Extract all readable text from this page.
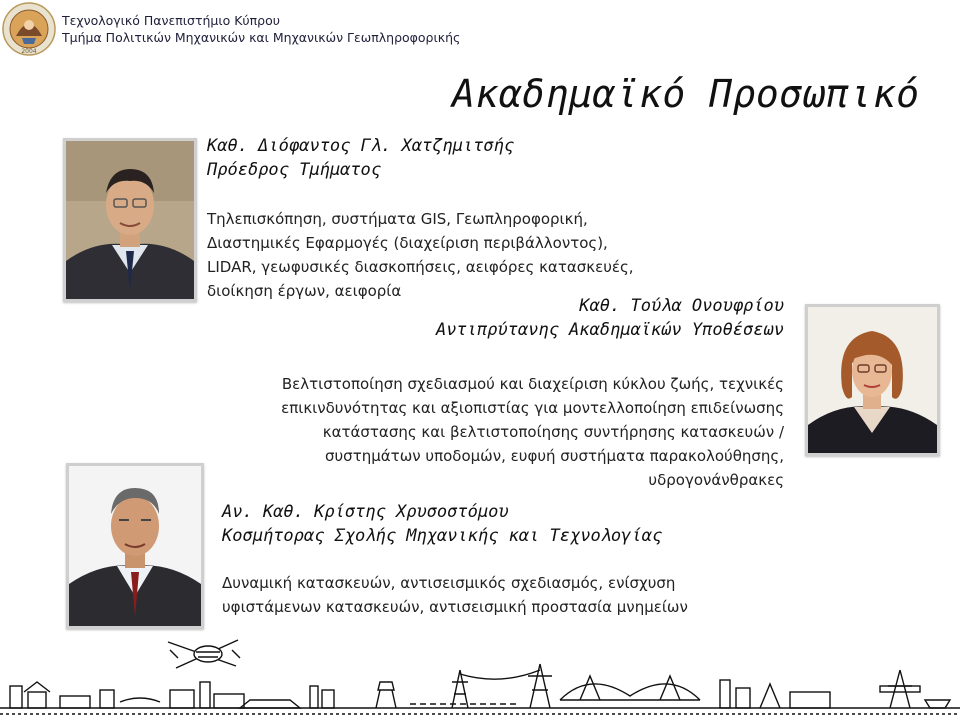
2004
Τεχνολογικό Πανεπιστήμιο Κύπρου
Τμήμα Πολιτικών Μηχανικών και Μηχανικών Γεωπληροφορικής
Ακαδημαϊκό Προσωπικό
Καθ. Διόφαντος Γλ. Χατζημιτσής
Πρόεδρος Τμήματος
Τηλεπισκόπηση, συστήματα GIS, Γεωπληροφορική,
Διαστημικές Εφαρμογές (διαχείριση περιβάλλοντος),
LIDAR, γεωφυσικές διασκοπήσεις, αειφόρες κατασκευές,
διοίκηση έργων, αειφορία
Καθ. Τούλα Ονουφρίου
Αντιπρύτανης Ακαδημαϊκών Υποθέσεων
Βελτιστοποίηση σχεδιασμού και διαχείριση κύκλου ζωής, τεχνικές
επικινδυνότητας και αξιοπιστίας για μοντελλοποίηση επιδείνωσης
κατάστασης και βελτιστοποίησης συντήρησης κατασκευών /
συστημάτων υποδομών, ευφυή συστήματα παρακολούθησης,
υδρογονάνθρακες
Αν. Καθ. Κρίστης Χρυσοστόμου
Κοσμήτορας Σχολής Μηχανικής και Τεχνολογίας
Δυναμική κατασκευών, αντισεισμικός σχεδιασμός, ενίσχυση
υφιστάμενων κατασκευών, αντισεισμική προστασία μνημείων
